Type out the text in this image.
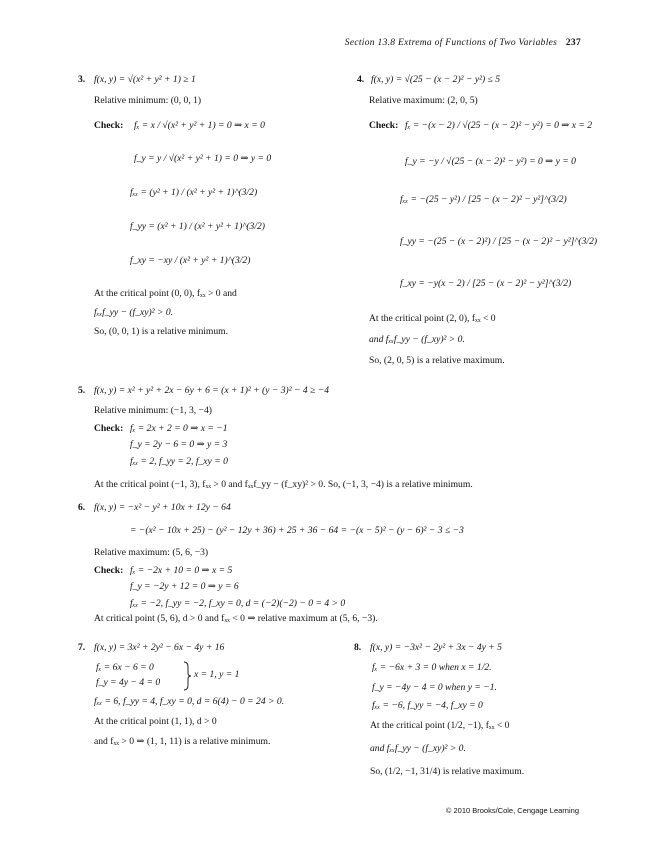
Section 13.8 Extrema of Functions of Two Variables 237
3. f(x, y) = √(x² + y² + 1) ≥ 1
Relative minimum: (0, 0, 1)
Check: fₓ = x / √(x² + y² + 1) = 0 ⇒ x = 0
f_y = y / √(x² + y² + 1) = 0 ⇒ y = 0
fₓₓ = (y² + 1) / (x² + y² + 1)^(3/2)
f_yy = (x² + 1) / (x² + y² + 1)^(3/2)
f_xy = −xy / (x² + y² + 1)^(3/2)
At the critical point (0, 0), fₓₓ > 0 and
fₓₓf_yy − (f_xy)² > 0.
So, (0, 0, 1) is a relative minimum.
4. f(x, y) = √(25 − (x − 2)² − y²) ≤ 5
Relative maximum: (2, 0, 5)
Check: fₓ = −(x − 2) / √(25 − (x − 2)² − y²) = 0 ⇒ x = 2
f_y = −y / √(25 − (x − 2)² − y²) = 0 ⇒ y = 0
fₓₓ = −(25 − y²) / [25 − (x − 2)² − y²]^(3/2)
f_yy = −(25 − (x − 2)²) / [25 − (x − 2)² − y²]^(3/2)
f_xy = −y(x − 2) / [25 − (x − 2)² − y²]^(3/2)
At the critical point (2, 0), fₓₓ < 0
and fₓₓf_yy − (f_xy)² > 0.
So, (2, 0, 5) is a relative maximum.
5. f(x, y) = x² + y² + 2x − 6y + 6 = (x + 1)² + (y − 3)² − 4 ≥ −4
Relative minimum: (−1, 3, −4)
Check: fₓ = 2x + 2 = 0 ⇒ x = −1
f_y = 2y − 6 = 0 ⇒ y = 3
fₓₓ = 2, f_yy = 2, f_xy = 0
At the critical point (−1, 3), fₓₓ > 0 and fₓₓf_yy − (f_xy)² > 0. So, (−1, 3, −4) is a relative minimum.
6. f(x, y) = −x² − y² + 10x + 12y − 64
= −(x² − 10x + 25) − (y² − 12y + 36) + 25 + 36 − 64 = −(x − 5)² − (y − 6)² − 3 ≤ −3
Relative maximum: (5, 6, −3)
Check: fₓ = −2x + 10 = 0 ⇒ x = 5
f_y = −2y + 12 = 0 ⇒ y = 6
fₓₓ = −2, f_yy = −2, f_xy = 0, d = (−2)(−2) − 0 = 4 > 0
At critical point (5, 6), d > 0 and fₓₓ < 0 ⇒ relative maximum at (5, 6, −3).
7. f(x, y) = 3x² + 2y² − 6x − 4y + 16
fₓ = 6x − 6 = 0
f_y = 4y − 4 = 0
x = 1, y = 1
fₓₓ = 6, f_yy = 4, f_xy = 0, d = 6(4) − 0 = 24 > 0.
At the critical point (1, 1), d > 0
and fₓₓ > 0 ⇒ (1, 1, 11) is a relative minimum.
8. f(x, y) = −3x² − 2y² + 3x − 4y + 5
fₓ = −6x + 3 = 0 when x = 1/2.
f_y = −4y − 4 = 0 when y = −1.
fₓₓ = −6, f_yy = −4, f_xy = 0
At the critical point (1/2, −1), fₓₓ < 0
and fₓₓf_yy − (f_xy)² > 0.
So, (1/2, −1, 31/4) is relative maximum.
© 2010 Brooks/Cole, Cengage Learning
